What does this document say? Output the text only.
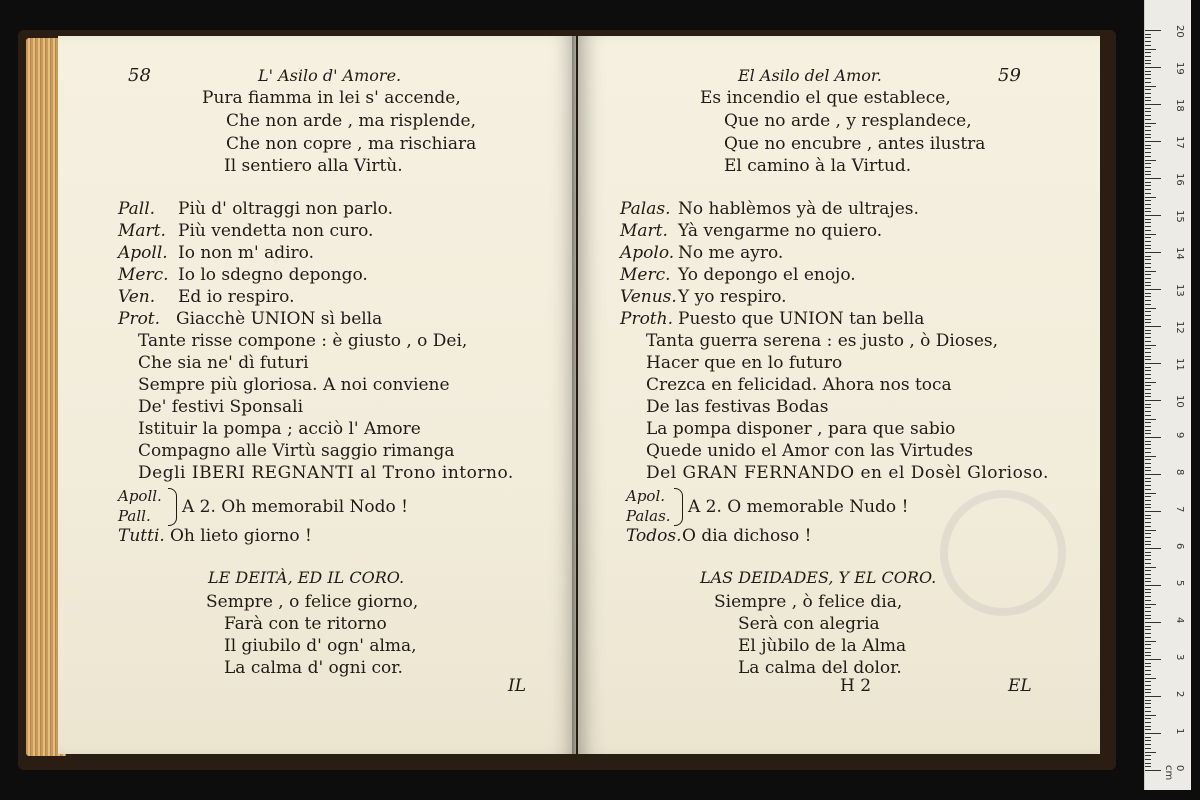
58	L' Asilo d' Amore.
Pura fiamma in lei s' accende,
Che non arde , ma risplende,
Che non copre , ma rischiara
Il sentiero alla Virtù.
Pall. Più d' oltraggi non parlo.
Mart. Più vendetta non curo.
Apoll. Io non m' adiro.
Merc. Io lo sdegno depongo.
Ven. Ed io respiro.
Prot. Giacchè UNION sì bella
Tante risse compone : è giusto , o Dei,
Che sia ne' dì futuri
Sempre più gloriosa. A noi conviene
De' festivi Sponsali
Istituir la pompa ; acciò l' Amore
Compagno alle Virtù saggio rimanga
Degli IBERI REGNANTI al Trono intorno.
Apoll.
Pall. A 2. Oh memorabil Nodo !
Tutti. Oh lieto giorno !
LE DEITÀ, ED IL CORO.
Sempre , o felice giorno,
Farà con te ritorno
Il giubilo d' ogn' alma,
La calma d' ogni cor.
IL
El Asilo del Amor.	59
Es incendio el que establece,
Que no arde , y resplandece,
Que no encubre , antes ilustra
El camino à la Virtud.
Palas. No hablèmos yà de ultrajes.
Mart. Yà vengarme no quiero.
Apolo. No me ayro.
Merc. Yo depongo el enojo.
Venus. Y yo respiro.
Proth. Puesto que UNION tan bella
Tanta guerra serena : es justo , ò Dioses,
Hacer que en lo futuro
Crezca en felicidad. Ahora nos toca
De las festivas Bodas
La pompa disponer , para que sabio
Quede unido el Amor con las Virtudes
Del GRAN FERNANDO en el Dosèl Glorioso.
Apol.
Palas. A 2. O memorable Nudo !
Todos. O dia dichoso !
LAS DEIDADES, Y EL CORO.
Siempre , ò felice dia,
Serà con alegria
El jùbilo de la Alma
La calma del dolor.
H 2	EL
0 cm
1
2
3
4
5
6
7
8
9
10
11
12
13
14
15
16
17
18
19
20
